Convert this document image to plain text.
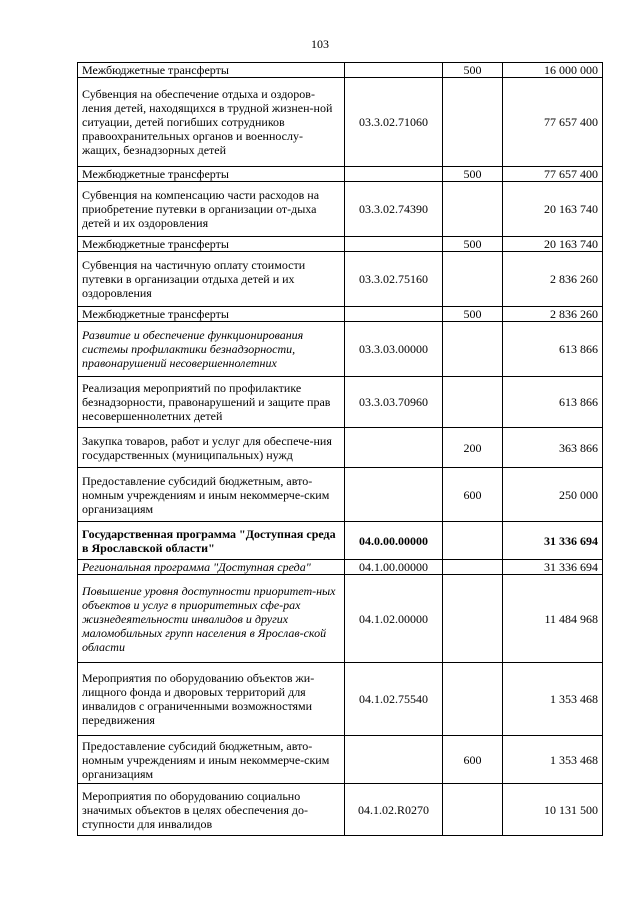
103
Межбюджетные трансферты		500	16 000 000
Субвенция на обеспечение отдыха и оздоров-ления детей, находящихся в трудной жизнен-ной ситуации, детей погибших сотрудников правоохранительных органов и военнослу-жащих, безнадзорных детей	03.3.02.71060		77 657 400
Межбюджетные трансферты		500	77 657 400
Субвенция на компенсацию части расходов на приобретение путевки в организации от-дыха детей и их оздоровления	03.3.02.74390		20 163 740
Межбюджетные трансферты		500	20 163 740
Субвенция на частичную оплату стоимости путевки в организации отдыха детей и их оздоровления	03.3.02.75160		2 836 260
Межбюджетные трансферты		500	2 836 260
Развитие и обеспечение функционирования системы профилактики безнадзорности, правонарушений несовершеннолетних	03.3.03.00000		613 866
Реализация мероприятий по профилактике безнадзорности, правонарушений и защите прав несовершеннолетних детей	03.3.03.70960		613 866
Закупка товаров, работ и услуг для обеспече-ния государственных (муниципальных) нужд		200	363 866
Предоставление субсидий бюджетным, авто-номным учреждениям и иным некоммерче-ским организациям		600	250 000
Государственная программа "Доступная среда в Ярославской области"	04.0.00.00000		31 336 694
Региональная программа "Доступная среда"	04.1.00.00000		31 336 694
Повышение уровня доступности приоритет-ных объектов и услуг в приоритетных сфе-рах жизнедеятельности инвалидов и других маломобильных групп населения в Ярослав-ской области	04.1.02.00000		11 484 968
Мероприятия по оборудованию объектов жи-лищного фонда и дворовых территорий для инвалидов с ограниченными возможностями передвижения	04.1.02.75540		1 353 468
Предоставление субсидий бюджетным, авто-номным учреждениям и иным некоммерче-ским организациям		600	1 353 468
Мероприятия по оборудованию социально значимых объектов в целях обеспечения до-ступности для инвалидов	04.1.02.R0270		10 131 500
